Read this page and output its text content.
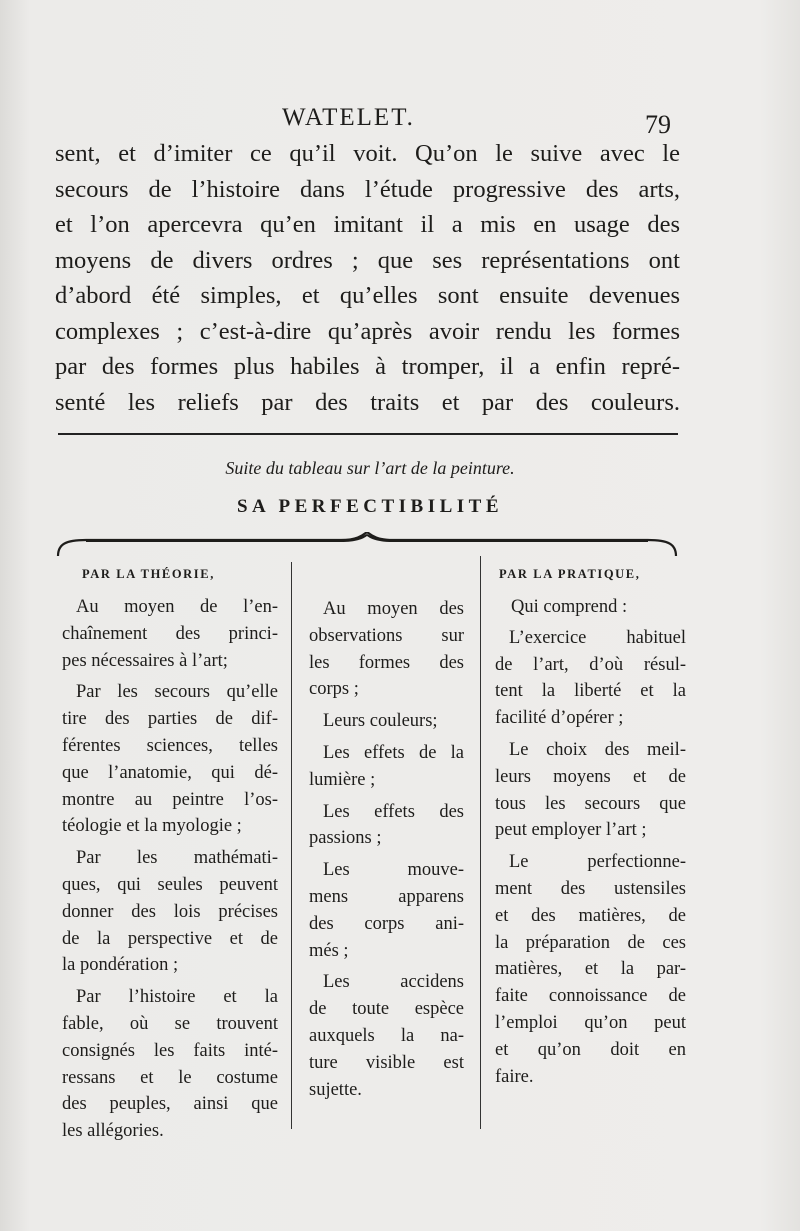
WATELET.	79
sent, et d’imiter ce qu’il voit. Qu’on le suive avec le
secours de l’histoire dans l’étude progressive des arts,
et l’on apercevra qu’en imitant il a mis en usage des
moyens de divers ordres ; que ses représentations ont
d’abord été simples, et qu’elles sont ensuite devenues
complexes ; c’est-à-dire qu’après avoir rendu les formes
par des formes plus habiles à tromper, il a enfin repré-
senté les reliefs par des traits et par des couleurs.
Suite du tableau sur l’art de la peinture.
SA PERFECTIBILITÉ
PAR LA THÉORIE,
Au moyen de l’en-
chaînement des princi-
pes nécessaires à l’art;
Par les secours qu’elle
tire des parties de dif-
férentes sciences, telles
que l’anatomie, qui dé-
montre au peintre l’os-
téologie et la myologie ;
Par les mathémati-
ques, qui seules peuvent
donner des lois précises
de la perspective et de
la pondération ;
Par l’histoire et la
fable, où se trouvent
consignés les faits inté-
ressans et le costume
des peuples, ainsi que
les allégories.
Au moyen des
observations sur
les formes des
corps ;
Leurs couleurs;
Les effets de la
lumière ;
Les effets des
passions ;
Les mouve-
mens apparens
des corps ani-
més ;
Les accidens
de toute espèce
auxquels la na-
ture visible est
sujette.
PAR LA PRATIQUE,
Qui comprend :
L’exercice habituel
de l’art, d’où résul-
tent la liberté et la
facilité d’opérer ;
Le choix des meil-
leurs moyens et de
tous les secours que
peut employer l’art ;
Le perfectionne-
ment des ustensiles
et des matières, de
la préparation de ces
matières, et la par-
faite connoissance de
l’emploi qu’on peut
et qu’on doit en
faire.
